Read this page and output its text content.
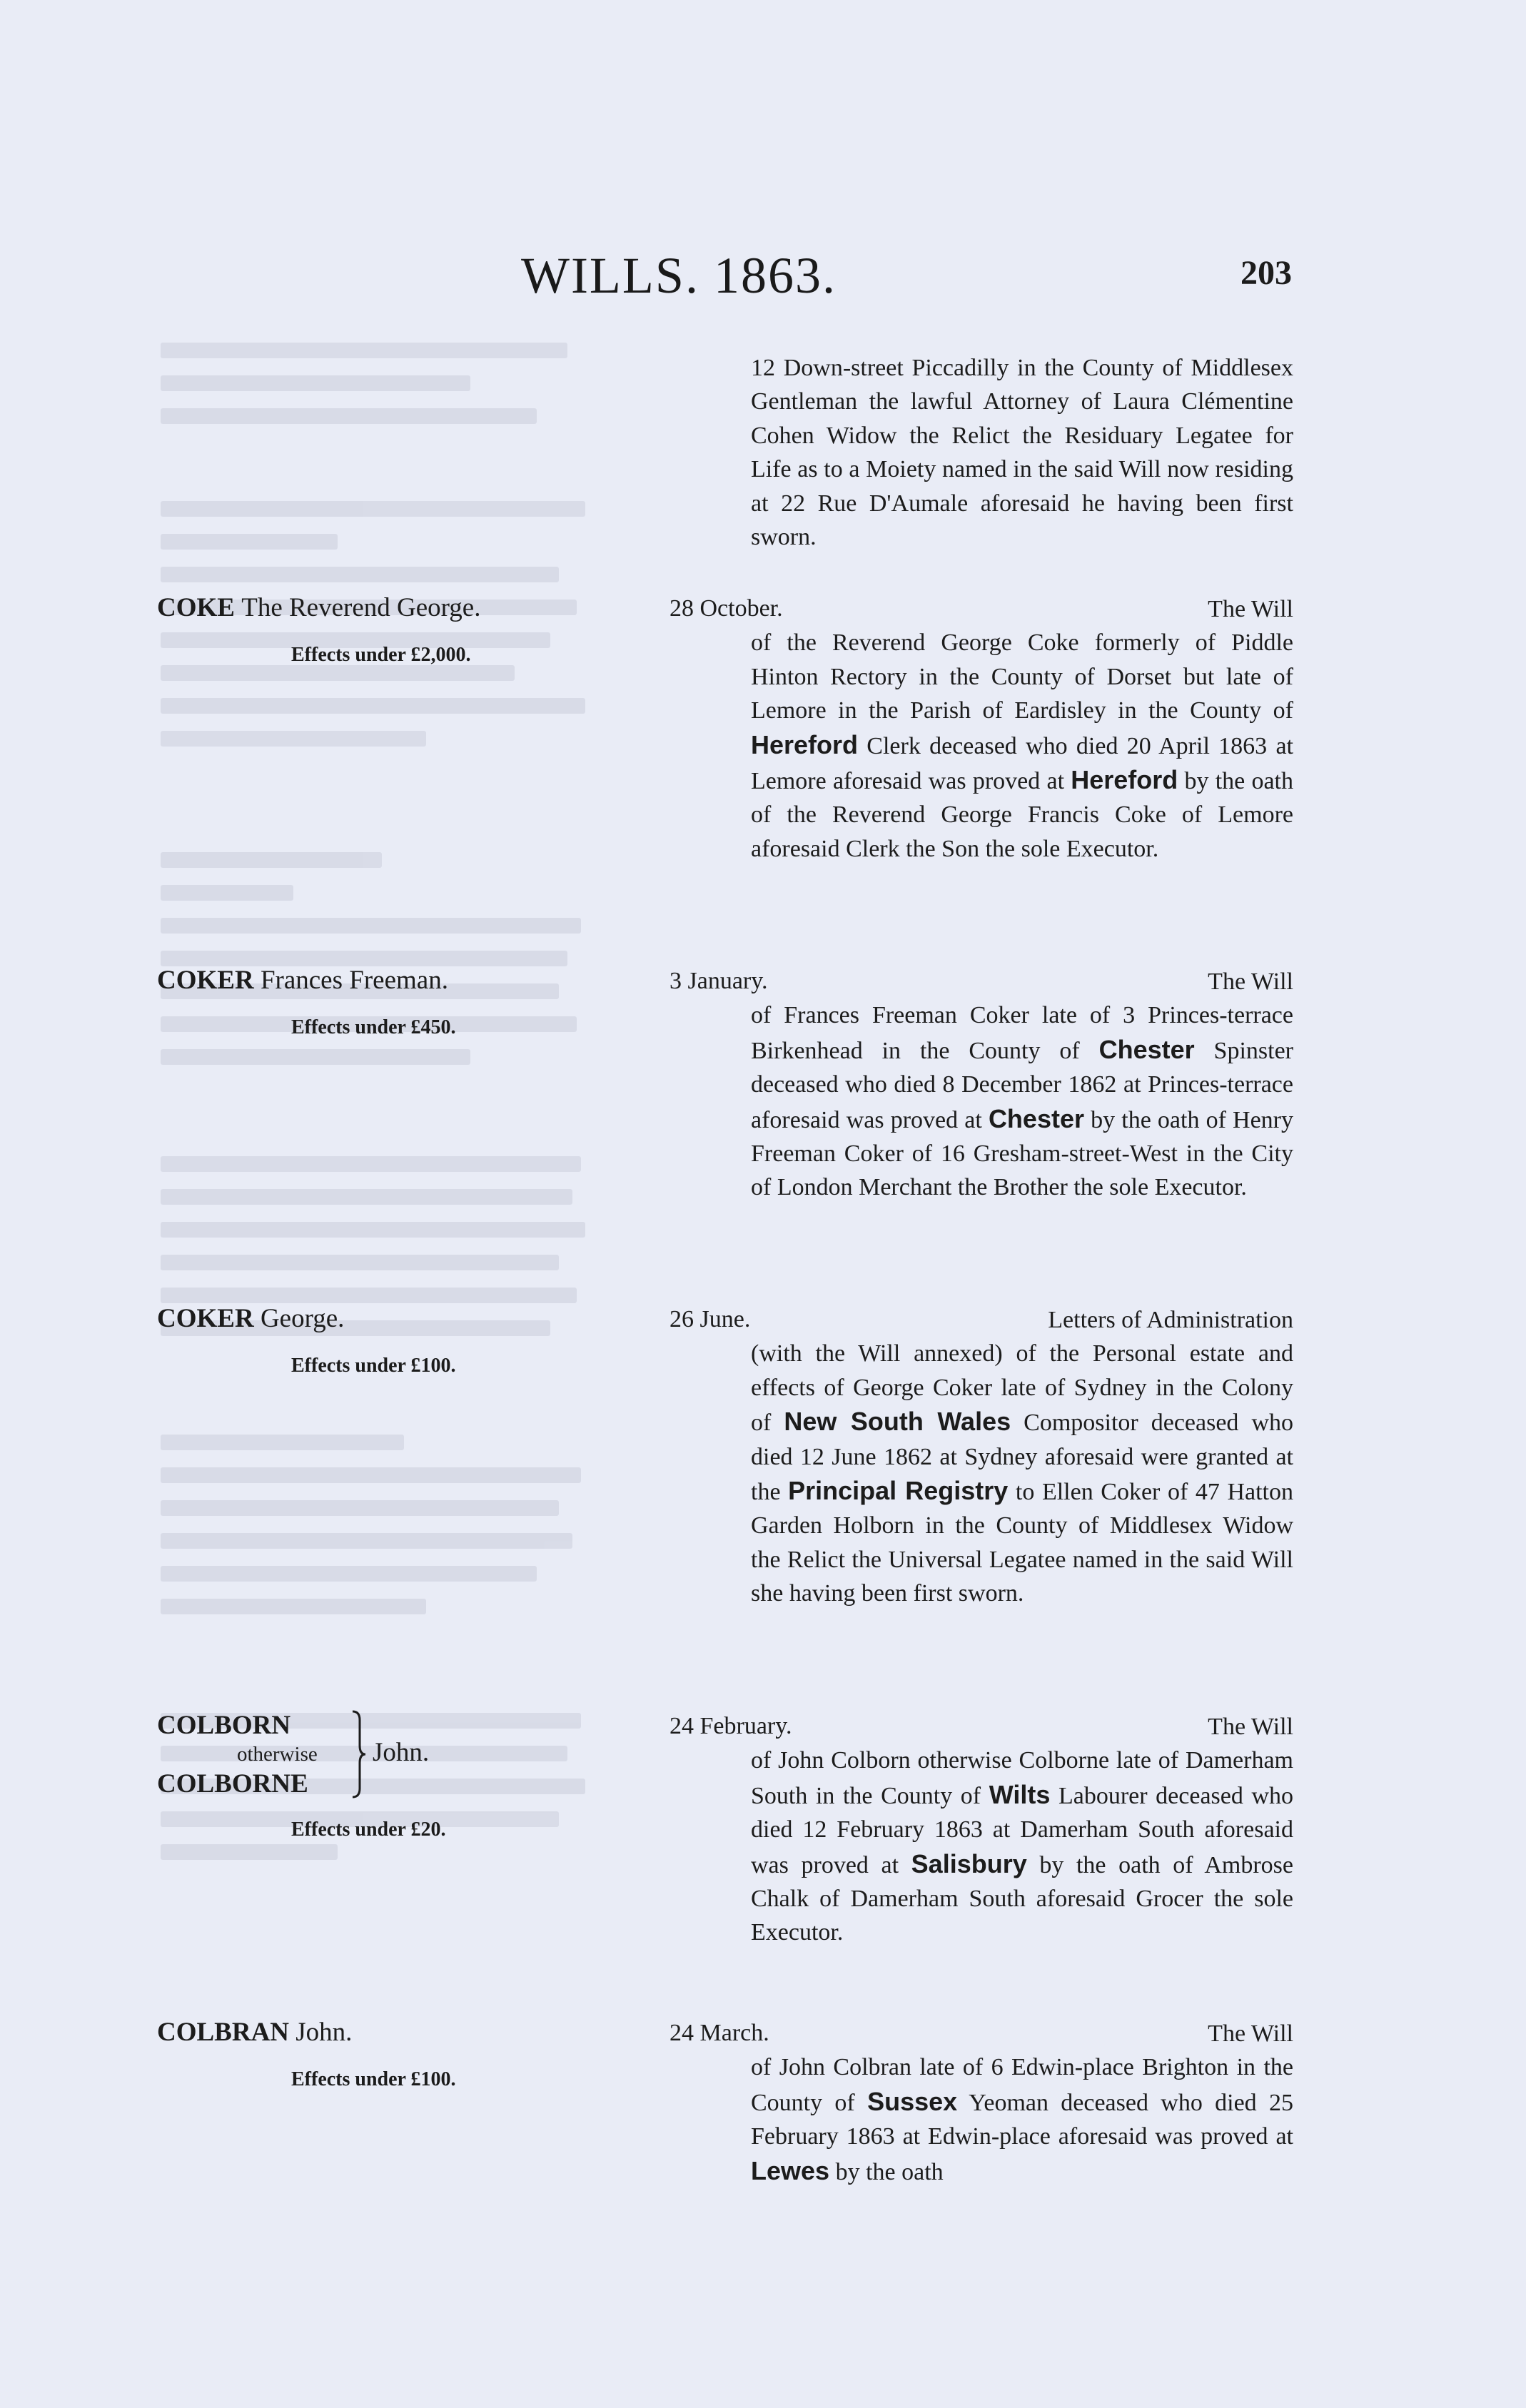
WILLS. 1863.	203
12 Down-street Piccadilly in the County of Middlesex Gentleman the lawful Attorney of Laura Clémentine Cohen Widow the Relict the Residuary Legatee for Life as to a Moiety named in the said Will now residing at 22 Rue D'Aumale aforesaid he having been first sworn.
COKE The Reverend George.
Effects under £2,000.
28 October.	The Will
of the Reverend George Coke formerly of Piddle Hinton Rectory in the County of Dorset but late of Lemore in the Parish of Eardisley in the County of Hereford Clerk deceased who died 20 April 1863 at Lemore aforesaid was proved at Hereford by the oath of the Reverend George Francis Coke of Lemore aforesaid Clerk the Son the sole Executor.
COKER Frances Freeman.
Effects under £450.
3 January.	The Will
of Frances Freeman Coker late of 3 Princes-terrace Birkenhead in the County of Chester Spinster deceased who died 8 December 1862 at Princes-terrace aforesaid was proved at Chester by the oath of Henry Freeman Coker of 16 Gresham-street-West in the City of London Merchant the Brother the sole Executor.
COKER George.
Effects under £100.
26 June.	Letters of Administration
(with the Will annexed) of the Personal estate and effects of George Coker late of Sydney in the Colony of New South Wales Compositor deceased who died 12 June 1862 at Sydney aforesaid were granted at the Principal Registry to Ellen Coker of 47 Hatton Garden Holborn in the County of Middlesex Widow the Relict the Universal Legatee named in the said Will she having been first sworn.
COLBORN
otherwise
COLBORNE
John.
Effects under £20.
24 February.	The Will
of John Colborn otherwise Colborne late of Damerham South in the County of Wilts Labourer deceased who died 12 February 1863 at Damerham South aforesaid was proved at Salisbury by the oath of Ambrose Chalk of Damerham South aforesaid Grocer the sole Executor.
COLBRAN John.
Effects under £100.
24 March.	The Will
of John Colbran late of 6 Edwin-place Brighton in the County of Sussex Yeoman deceased who died 25 February 1863 at Edwin-place aforesaid was proved at Lewes by the oath
